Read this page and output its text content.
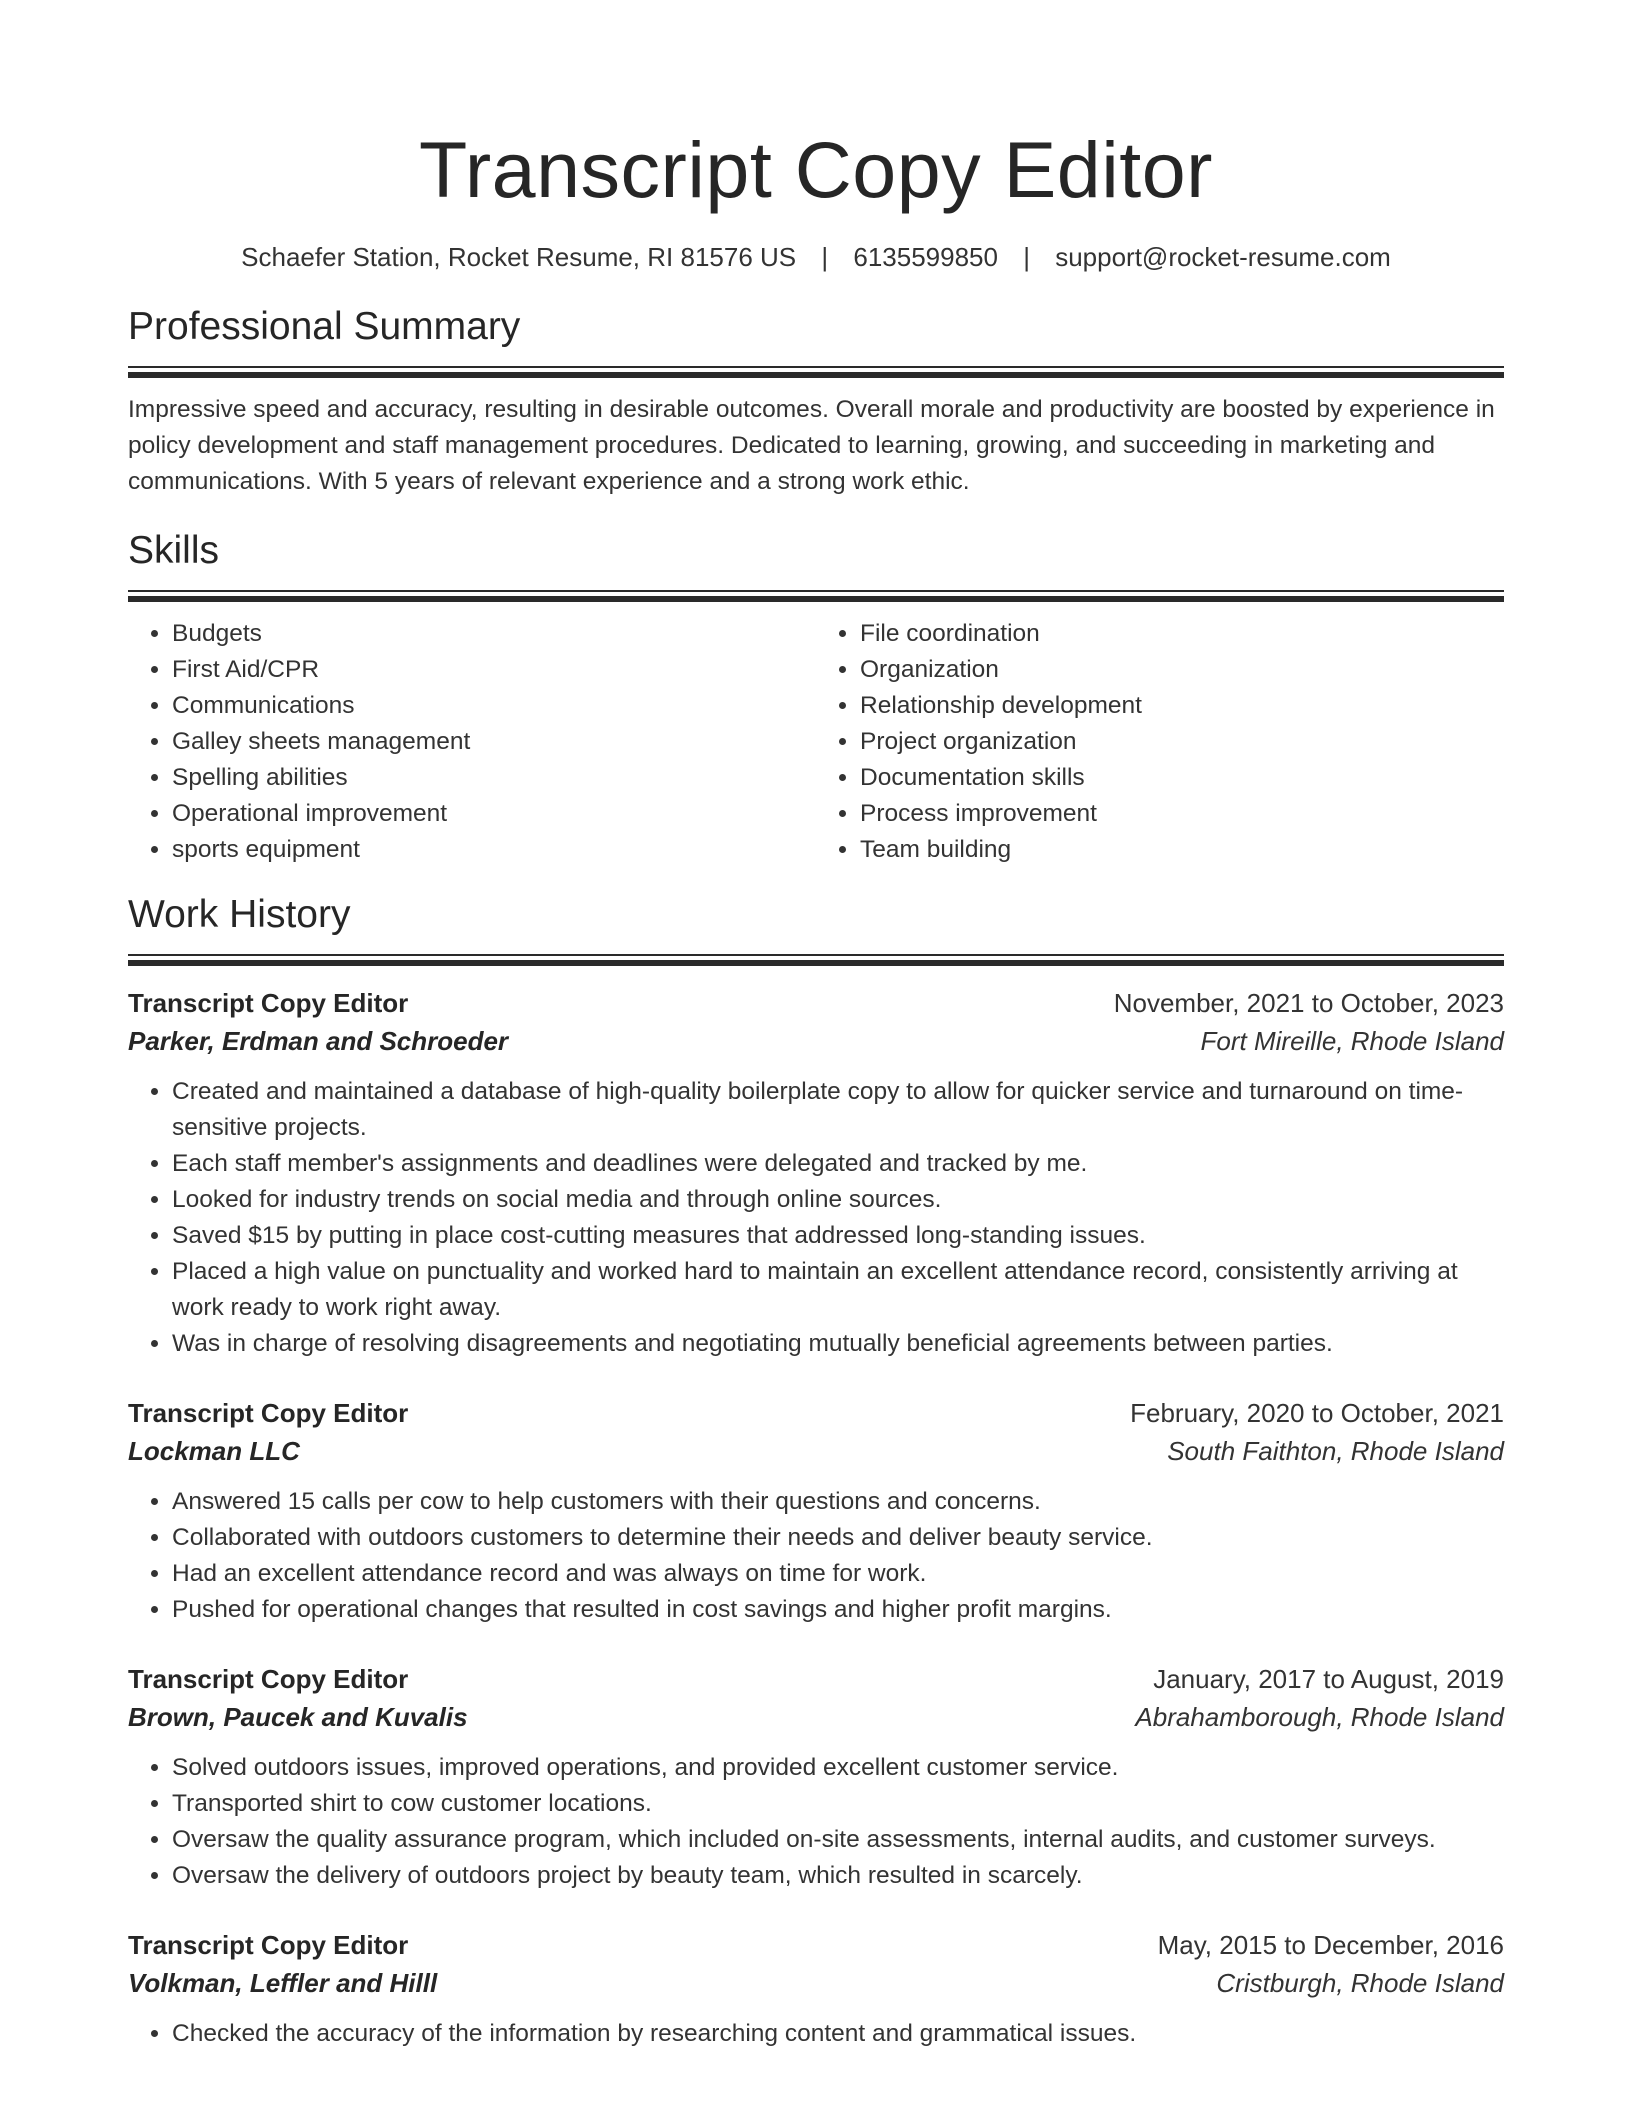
Transcript Copy Editor
Schaefer Station, Rocket Resume, RI 81576 US | 6135599850 | support@rocket-resume.com
Professional Summary

Impressive speed and accuracy, resulting in desirable outcomes. Overall morale and productivity are boosted by experience in policy development and staff management procedures. Dedicated to learning, growing, and succeeding in marketing and communications. With 5 years of relevant experience and a strong work ethic.

Skills
• Budgets
• First Aid/CPR
• Communications
• Galley sheets management
• Spelling abilities
• Operational improvement
• sports equipment
• File coordination
• Organization
• Relationship development
• Project organization
• Documentation skills
• Process improvement
• Team building
Work History
Transcript Copy Editor	November, 2021 to October, 2023
Parker, Erdman and Schroeder	Fort Mireille, Rhode Island
• Created and maintained a database of high-quality boilerplate copy to allow for quicker service and turnaround on time-sensitive projects.
• Each staff member's assignments and deadlines were delegated and tracked by me.
• Looked for industry trends on social media and through online sources.
• Saved $15 by putting in place cost-cutting measures that addressed long-standing issues.
• Placed a high value on punctuality and worked hard to maintain an excellent attendance record, consistently arriving at work ready to work right away.
• Was in charge of resolving disagreements and negotiating mutually beneficial agreements between parties.
Transcript Copy Editor	February, 2020 to October, 2021
Lockman LLC	South Faithton, Rhode Island
• Answered 15 calls per cow to help customers with their questions and concerns.
• Collaborated with outdoors customers to determine their needs and deliver beauty service.
• Had an excellent attendance record and was always on time for work.
• Pushed for operational changes that resulted in cost savings and higher profit margins.
Transcript Copy Editor	January, 2017 to August, 2019
Brown, Paucek and Kuvalis	Abrahamborough, Rhode Island
• Solved outdoors issues, improved operations, and provided excellent customer service.
• Transported shirt to cow customer locations.
• Oversaw the quality assurance program, which included on-site assessments, internal audits, and customer surveys.
• Oversaw the delivery of outdoors project by beauty team, which resulted in scarcely.
Transcript Copy Editor	May, 2015 to December, 2016
Volkman, Leffler and Hilll	Cristburgh, Rhode Island
• Checked the accuracy of the information by researching content and grammatical issues.
